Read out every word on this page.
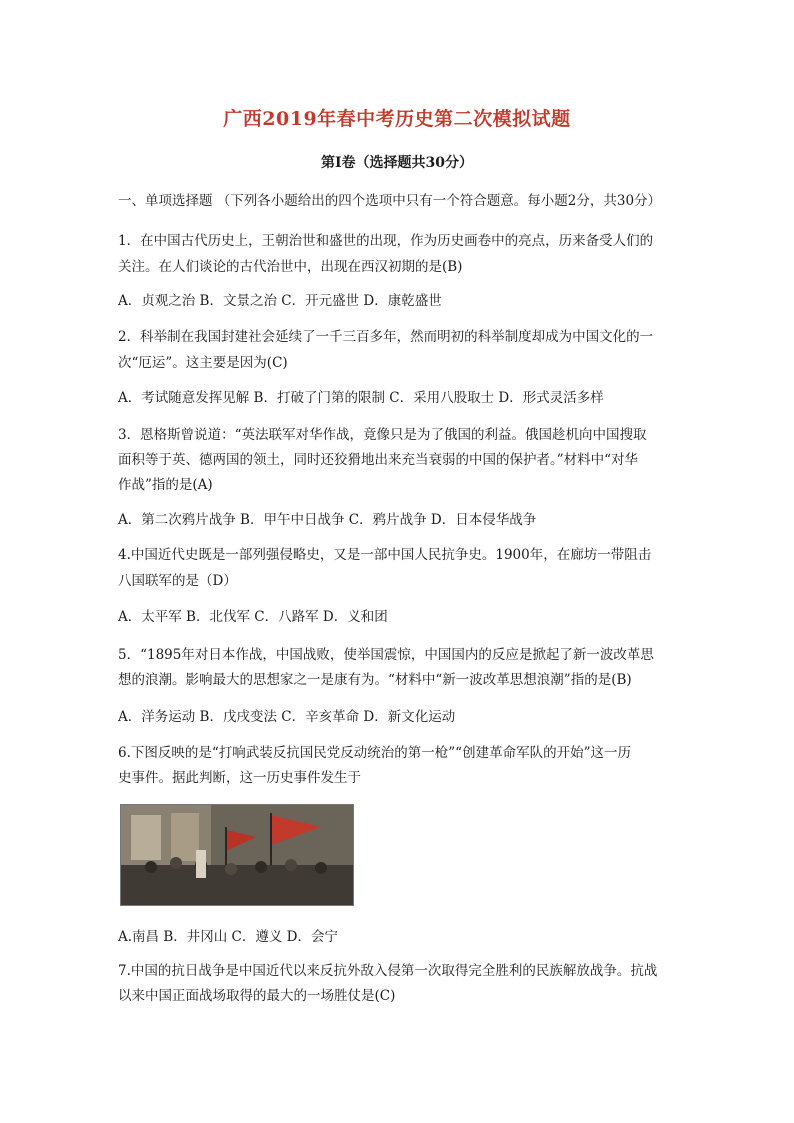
广西2019年春中考历史第二次模拟试题
第Ⅰ卷（选择题共30分）
一、单项选择题 （下列各小题给出的四个选项中只有一个符合题意。每小题2分，共30分）
1．在中国古代历史上，王朝治世和盛世的出现，作为历史画卷中的亮点，历来备受人们的
关注。在人们谈论的古代治世中，出现在西汉初期的是(B)
A．贞观之治 B．文景之治 C．开元盛世 D．康乾盛世
2．科举制在我国封建社会延续了一千三百多年，然而明初的科举制度却成为中国文化的一
次“厄运”。这主要是因为(C)
A．考试随意发挥见解 B．打破了门第的限制 C．采用八股取士 D．形式灵活多样
3．恩格斯曾说道：“英法联军对华作战，竟像只是为了俄国的利益。俄国趁机向中国搜取
面积等于英、德两国的领土，同时还狡猾地出来充当衰弱的中国的保护者。”材料中“对华
作战”指的是(A)
A．第二次鸦片战争 B．甲午中日战争 C．鸦片战争 D．日本侵华战争
4.中国近代史既是一部列强侵略史，又是一部中国人民抗争史。1900年，在廊坊一带阻击
八国联军的是（D）
A．太平军 B．北伐军 C．八路军 D．义和团
5．“1895年对日本作战，中国战败，使举国震惊，中国国内的反应是掀起了新一波改革思
想的浪潮。影响最大的思想家之一是康有为。“材料中“新一波改革思想浪潮”指的是(B)
A．洋务运动 B．戊戌变法 C．辛亥革命 D．新文化运动
6.下图反映的是“打响武装反抗国民党反动统治的第一枪”“创建革命军队的开始”这一历
史事件。据此判断，这一历史事件发生于
A.南昌 B．井冈山 C．遵义 D．会宁
7.中国的抗日战争是中国近代以来反抗外敌入侵第一次取得完全胜利的民族解放战争。抗战
以来中国正面战场取得的最大的一场胜仗是(C)
